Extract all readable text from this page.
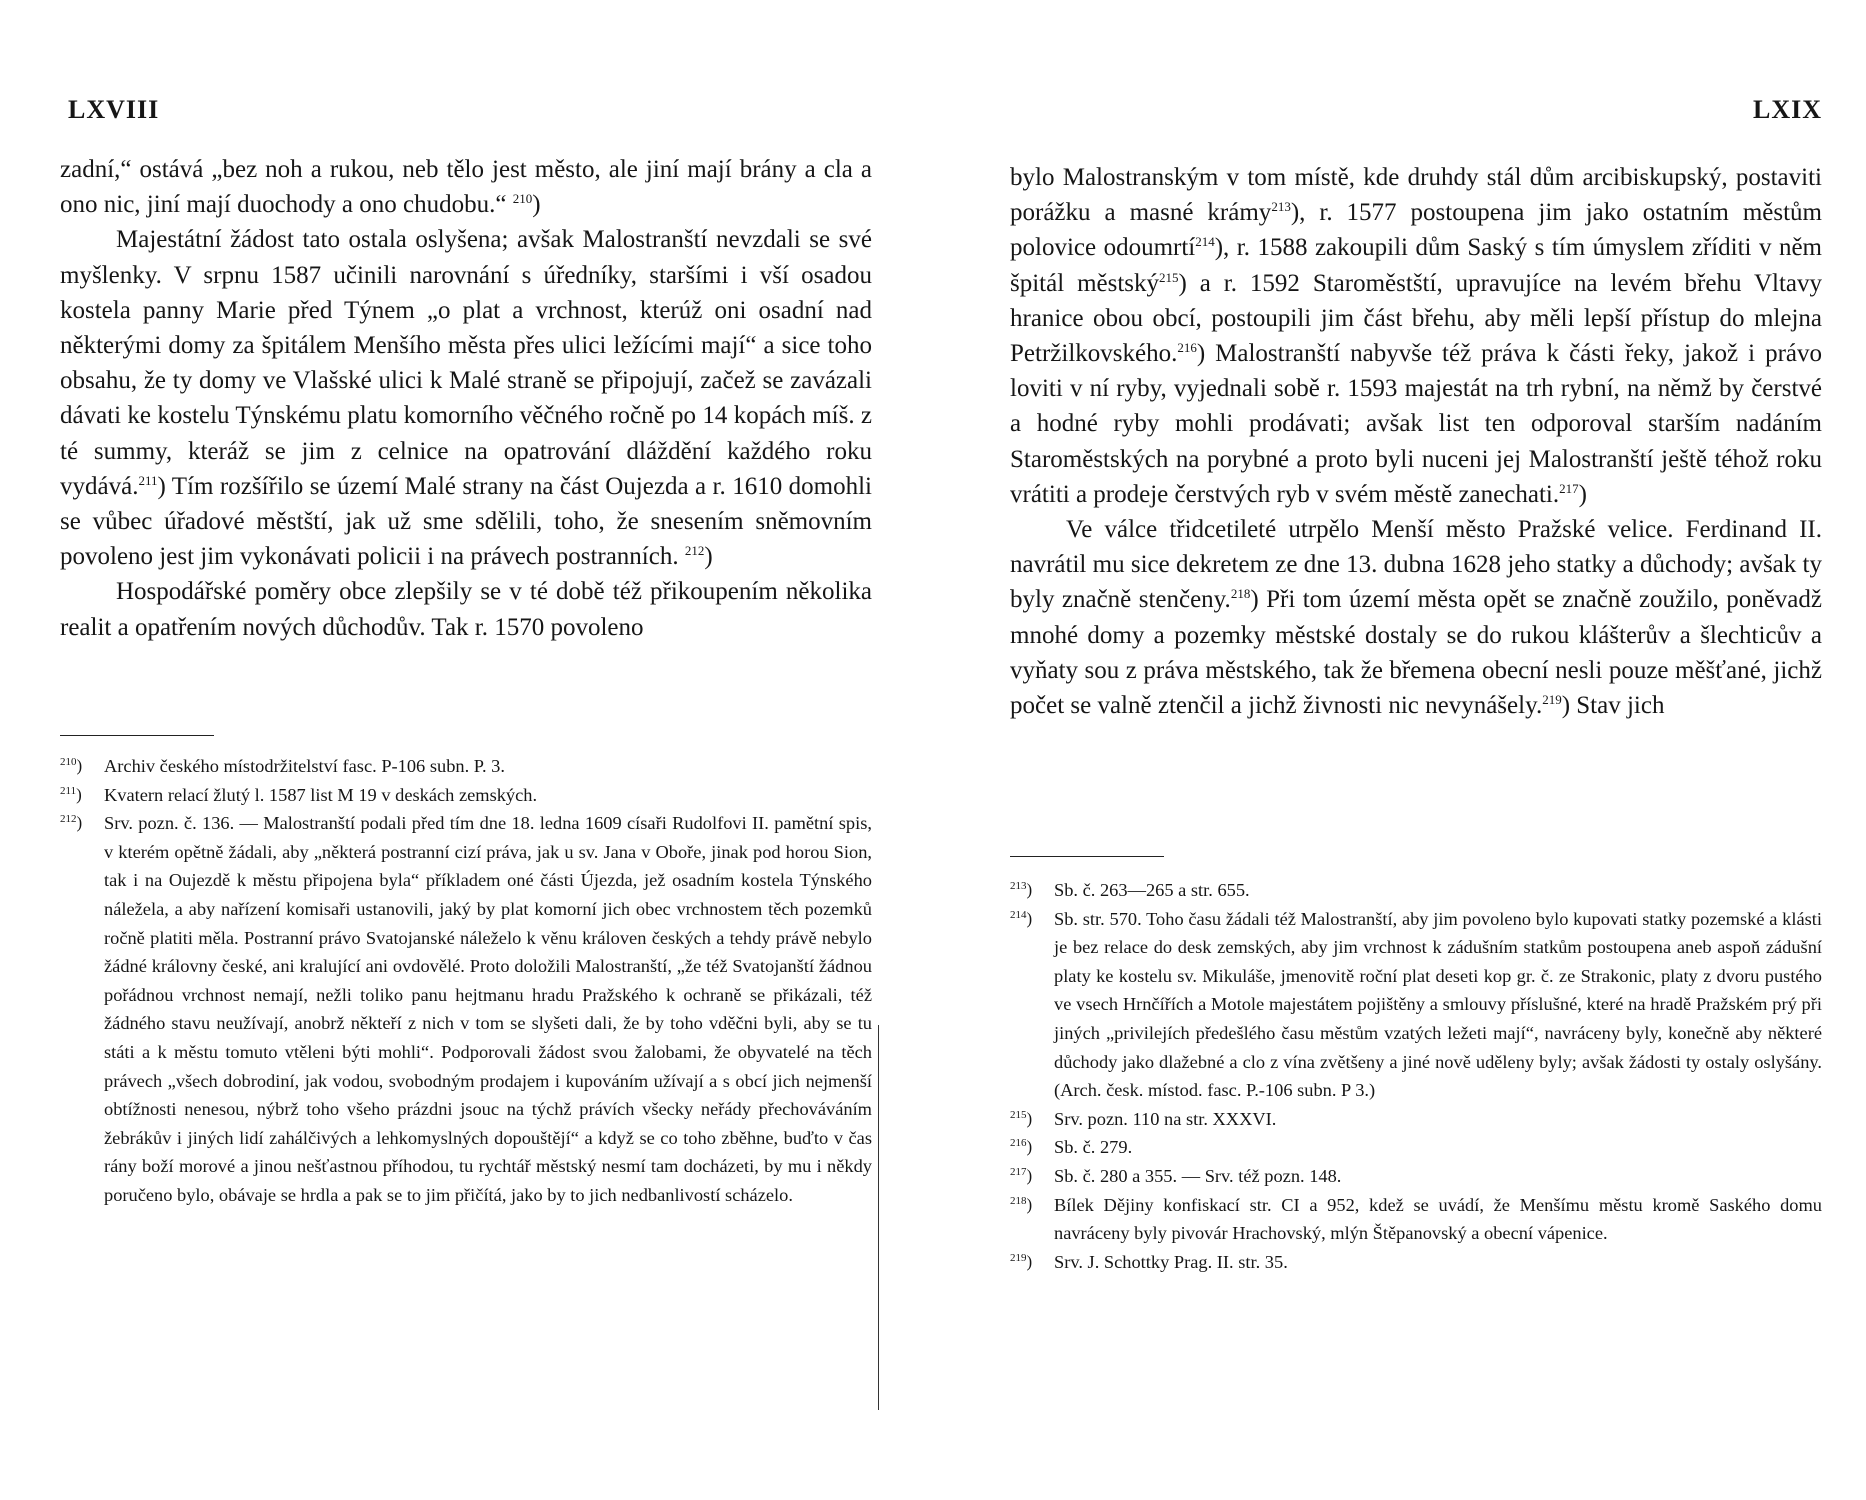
LXVIII

zadní,“ ostává „bez noh a rukou, neb tělo jest město, ale jiní mají brány a cla a ono nic, jiní mají duochody a ono chudobu.“ $^{210}$)

Majestátní žádost tato ostala oslyšena; avšak Malostranští nevzdali se své myšlenky. V srpnu 1587 učinili narovnání s úředníky, staršími i vší osadou kostela panny Marie před Týnem „o plat a vrchnost, kterúž oni osadní nad některými domy za špitálem Menšího města přes ulici ležícími mají“ a sice toho obsahu, že ty domy ve Vlašské ulici k Malé straně se připojují, začež se zavázali dávati ke kostelu Týnskému platu komorního věčného ročně po 14 kopách míš. z té summy, kteráž se jim z celnice na opatrování dláždění každého roku vydává.$^{211}$) Tím rozšířilo se území Malé strany na část Oujezda a r. 1610 domohli se vůbec úřadové městští, jak už sme sdělili, toho, že snesením sněmovním povoleno jest jim vykonávati policii i na právech postranních. $^{212}$)

Hospodářské poměry obce zlepšily se v té době též přikoupením několika realit a opatřením nových důchodův. Tak r. 1570 povoleno

$^{210}$)	Archiv českého místodržitelství fasc. P-106 subn. P. 3.
$^{211}$)	Kvatern relací žlutý l. 1587 list M 19 v deskách zemských.
$^{212}$)	Srv. pozn. č. 136. — Malostranští podali před tím dne 18. ledna 1609 císaři Rudolfovi II. pamětní spis, v kterém opětně žádali, aby „některá postranní cizí práva, jak u sv. Jana v Oboře, jinak pod horou Sion, tak i na Oujezdě k městu připojena byla“ příkladem oné části Újezda, jež osadním kostela Týnského náležela, a aby nařízení komisaři ustanovili, jaký by plat komorní jich obec vrchnostem těch pozemků ročně platiti měla. Postranní právo Svatojanské náleželo k věnu královen českých a tehdy právě nebylo žádné královny české, ani kralující ani ovdovělé. Proto doložili Malostranští, „že též Svatojanští žádnou pořádnou vrchnost nemají, nežli toliko panu hejtmanu hradu Pražského k ochraně se přikázali, též žádného stavu neužívají, anobrž někteří z nich v tom se slyšeti dali, že by toho vděčni byli, aby se tu státi a k městu tomuto vtěleni býti mohli“. Podporovali žádost svou žalobami, že obyvatelé na těch právech „všech dobrodiní, jak vodou, svobodným prodajem i kupováním užívají a s obcí jich nejmenší obtížnosti nenesou, nýbrž toho všeho prázdni jsouc na týchž právích všecky neřády přechováváním žebrákův i jiných lidí zahálčivých a lehkomyslných dopouštějí“ a když se co toho zběhne, buďto v čas rány boží morové a jinou nešťastnou příhodou, tu rychtář městský nesmí tam docházeti, by mu i někdy poručeno bylo, obávaje se hrdla a pak se to jim přičítá, jako by to jich nedbanlivostí scházelo.
LXIX

bylo Malostranským v tom místě, kde druhdy stál dům arcibiskupský, postaviti porážku a masné krámy$^{213}$), r. 1577 postoupena jim jako ostatním městům polovice odoumrtí$^{214}$), r. 1588 zakoupili dům Saský s tím úmyslem zříditi v něm špitál městský$^{215}$) a r. 1592 Staroměstští, upravujíce na levém břehu Vltavy hranice obou obcí, postoupili jim část břehu, aby měli lepší přístup do mlejna Petržilkovského.$^{216}$) Malostranští nabyvše též práva k části řeky, jakož i právo loviti v ní ryby, vyjednali sobě r. 1593 majestát na trh rybní, na němž by čerstvé a hodné ryby mohli prodávati; avšak list ten odporoval starším nadáním Staroměstských na porybné a proto byli nuceni jej Malostranští ještě téhož roku vrátiti a prodeje čerstvých ryb v svém městě zanechati.$^{217}$)

Ve válce třidcetileté utrpělo Menší město Pražské velice. Ferdinand II. navrátil mu sice dekretem ze dne 13. dubna 1628 jeho statky a důchody; avšak ty byly značně stenčeny.$^{218}$) Při tom území města opět se značně zoužilo, poněvadž mnohé domy a pozemky městské dostaly se do rukou klášterův a šlechticův a vyňaty sou z práva městského, tak že břemena obecní nesli pouze měšťané, jichž počet se valně ztenčil a jichž živnosti nic nevynášely.$^{219}$) Stav jich

$^{213}$)	Sb. č. 263—265 a str. 655.
$^{214}$)	Sb. str. 570. Toho času žádali též Malostranští, aby jim povoleno bylo kupovati statky pozemské a klásti je bez relace do desk zemských, aby jim vrchnost k zádušním statkům postoupena aneb aspoň zádušní platy ke kostelu sv. Mikuláše, jmenovitě roční plat deseti kop gr. č. ze Strakonic, platy z dvoru pustého ve vsech Hrnčířích a Motole majestátem pojištěny a smlouvy příslušné, které na hradě Pražském prý při jiných „privilejích předešlého času městům vzatých ležeti mají“, navráceny byly, konečně aby některé důchody jako dlažebné a clo z vína zvětšeny a jiné nově uděleny byly; avšak žádosti ty ostaly oslyšány. (Arch. česk. místod. fasc. P.-106 subn. P 3.)
$^{215}$)	Srv. pozn. 110 na str. XXXVI.
$^{216}$)	Sb. č. 279.
$^{217}$)	Sb. č. 280 a 355. — Srv. též pozn. 148.
$^{218}$)	Bílek Dějiny konfiskací str. CI a 952, kdež se uvádí, že Menšímu městu kromě Saského domu navráceny byly pivovár Hrachovský, mlýn Štěpanovský a obecní vápenice.
$^{219}$)	Srv. J. Schottky Prag. II. str. 35.
